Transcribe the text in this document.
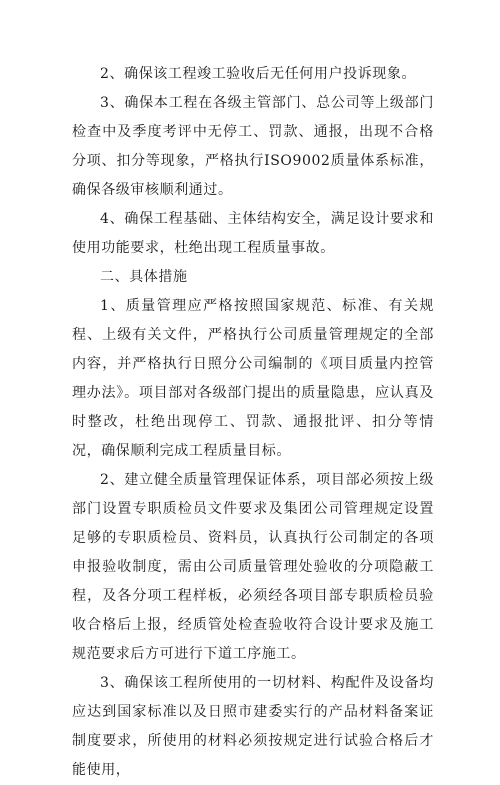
2、确保该工程竣工验收后无任何用户投诉现象。

3、确保本工程在各级主管部门、总公司等上级部门检查中及季度考评中无停工、罚款、通报，出现不合格分项、扣分等现象，严格执行ISO9002质量体系标准，确保各级审核顺利通过。

4、确保工程基础、主体结构安全，满足设计要求和使用功能要求，杜绝出现工程质量事故。

二、具体措施

1、质量管理应严格按照国家规范、标准、有关规程、上级有关文件，严格执行公司质量管理规定的全部内容，并严格执行日照分公司编制的《项目质量内控管理办法》。项目部对各级部门提出的质量隐患，应认真及时整改，杜绝出现停工、罚款、通报批评、扣分等情况，确保顺利完成工程质量目标。

2、建立健全质量管理保证体系，项目部必须按上级部门设置专职质检员文件要求及集团公司管理规定设置足够的专职质检员、资料员，认真执行公司制定的各项申报验收制度，需由公司质量管理处验收的分项隐蔽工程，及各分项工程样板，必须经各项目部专职质检员验收合格后上报，经质管处检查验收符合设计要求及施工规范要求后方可进行下道工序施工。

3、确保该工程所使用的一切材料、构配件及设备均应达到国家标准以及日照市建委实行的产品材料备案证制度要求，所使用的材料必须按规定进行试验合格后才能使用，
